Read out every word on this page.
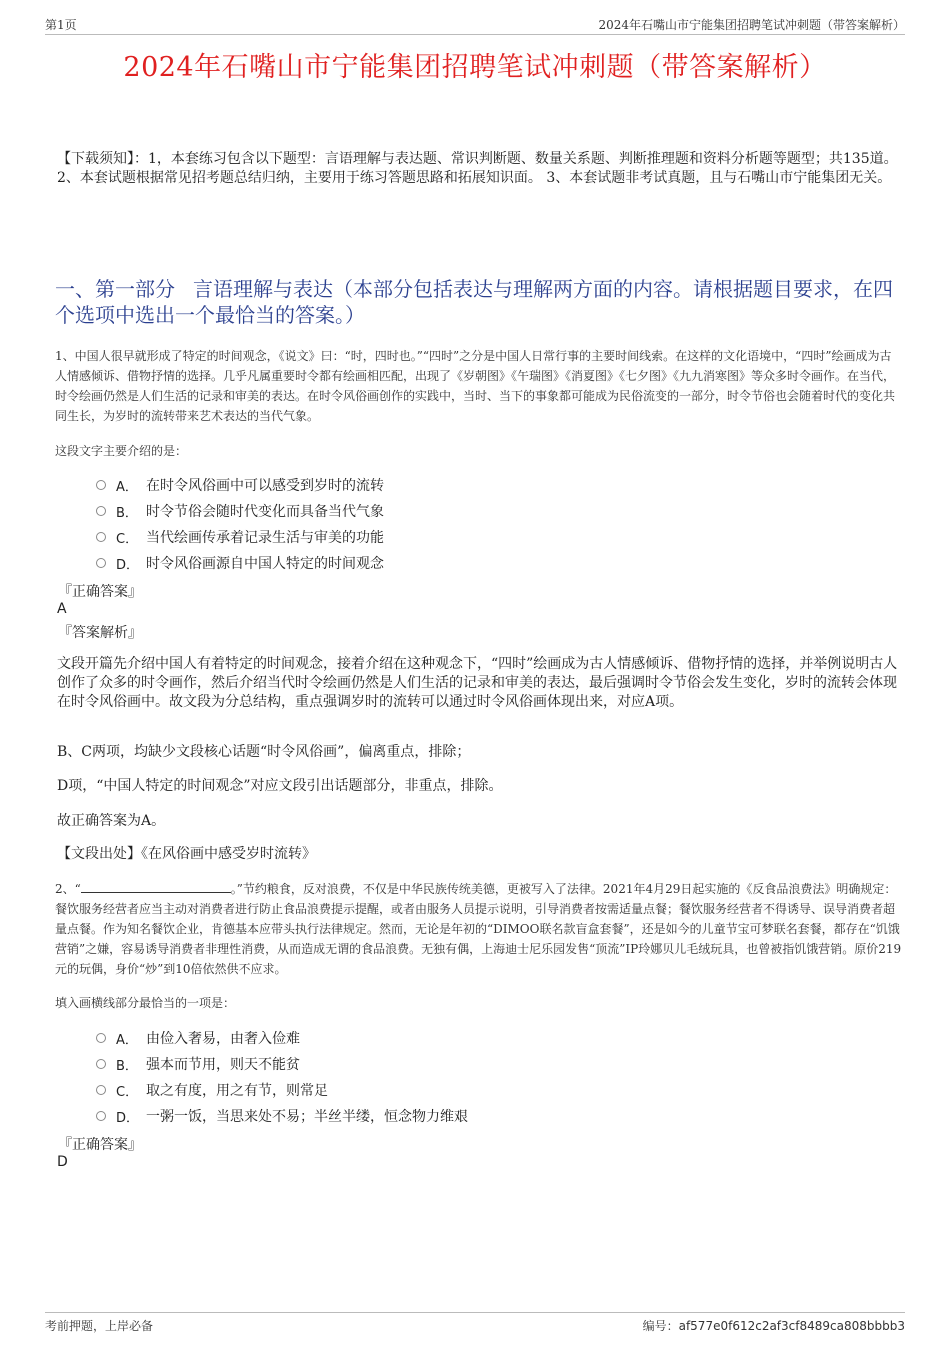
第1页	2024年石嘴山市宁能集团招聘笔试冲刺题（带答案解析）
2024年石嘴山市宁能集团招聘笔试冲刺题（带答案解析）
【下载须知】：1，本套练习包含以下题型：言语理解与表达题、常识判断题、数量关系题、判断推理题和资料分析题等题型；共135道。 2、本套试题根据常见招考题总结归纳，主要用于练习答题思路和拓展知识面。 3、本套试题非考试真题，且与石嘴山市宁能集团无关。
一、第一部分 言语理解与表达（本部分包括表达与理解两方面的内容。请根据题目要求，在四个选项中选出一个最恰当的答案。）
1、中国人很早就形成了特定的时间观念，《说文》曰：“时，四时也。”“四时”之分是中国人日常行事的主要时间线索。在这样的文化语境中，“四时”绘画成为古人情感倾诉、借物抒情的选择。几乎凡属重要时令都有绘画相匹配，出现了《岁朝图》《午瑞图》《消夏图》《七夕图》《九九消寒图》等众多时令画作。在当代，时令绘画仍然是人们生活的记录和审美的表达。在时令风俗画创作的实践中，当时、当下的事象都可能成为民俗流变的一部分，时令节俗也会随着时代的变化共同生长，为岁时的流转带来艺术表达的当代气象。
这段文字主要介绍的是：
A． 在时令风俗画中可以感受到岁时的流转
B． 时令节俗会随时代变化而具备当代气象
C． 当代绘画传承着记录生活与审美的功能
D． 时令风俗画源自中国人特定的时间观念
『正确答案』
A
『答案解析』
文段开篇先介绍中国人有着特定的时间观念，接着介绍在这种观念下，“四时”绘画成为古人情感倾诉、借物抒情的选择，并举例说明古人创作了众多的时令画作，然后介绍当代时令绘画仍然是人们生活的记录和审美的表达，最后强调时令节俗会发生变化，岁时的流转会体现在时令风俗画中。故文段为分总结构，重点强调岁时的流转可以通过时令风俗画体现出来，对应A项。
B、C两项，均缺少文段核心话题“时令风俗画”，偏离重点，排除；
D项，“中国人特定的时间观念”对应文段引出话题部分，非重点，排除。
故正确答案为A。
【文段出处】《在风俗画中感受岁时流转》
2、“	。”节约粮食，反对浪费，不仅是中华民族传统美德，更被写入了法律。2021年4月29日起实施的《反食品浪费法》明确规定：餐饮服务经营者应当主动对消费者进行防止食品浪费提示提醒，或者由服务人员提示说明，引导消费者按需适量点餐；餐饮服务经营者不得诱导、误导消费者超量点餐。作为知名餐饮企业，肯德基本应带头执行法律规定。然而，无论是年初的“DIMOO联名款盲盒套餐”，还是如今的儿童节宝可梦联名套餐，都存在“饥饿营销”之嫌，容易诱导消费者非理性消费，从而造成无谓的食品浪费。无独有偶，上海迪士尼乐园发售“顶流”IP玲娜贝儿毛绒玩具，也曾被指饥饿营销。原价219元的玩偶，身价“炒”到10倍依然供不应求。
填入画横线部分最恰当的一项是：
A． 由俭入奢易，由奢入俭难
B． 强本而节用，则天不能贫
C． 取之有度，用之有节，则常足
D． 一粥一饭，当思来处不易；半丝半缕，恒念物力维艰
『正确答案』
D
考前押题，上岸必备	编号：af577e0f612c2af3cf8489ca808bbbb3
